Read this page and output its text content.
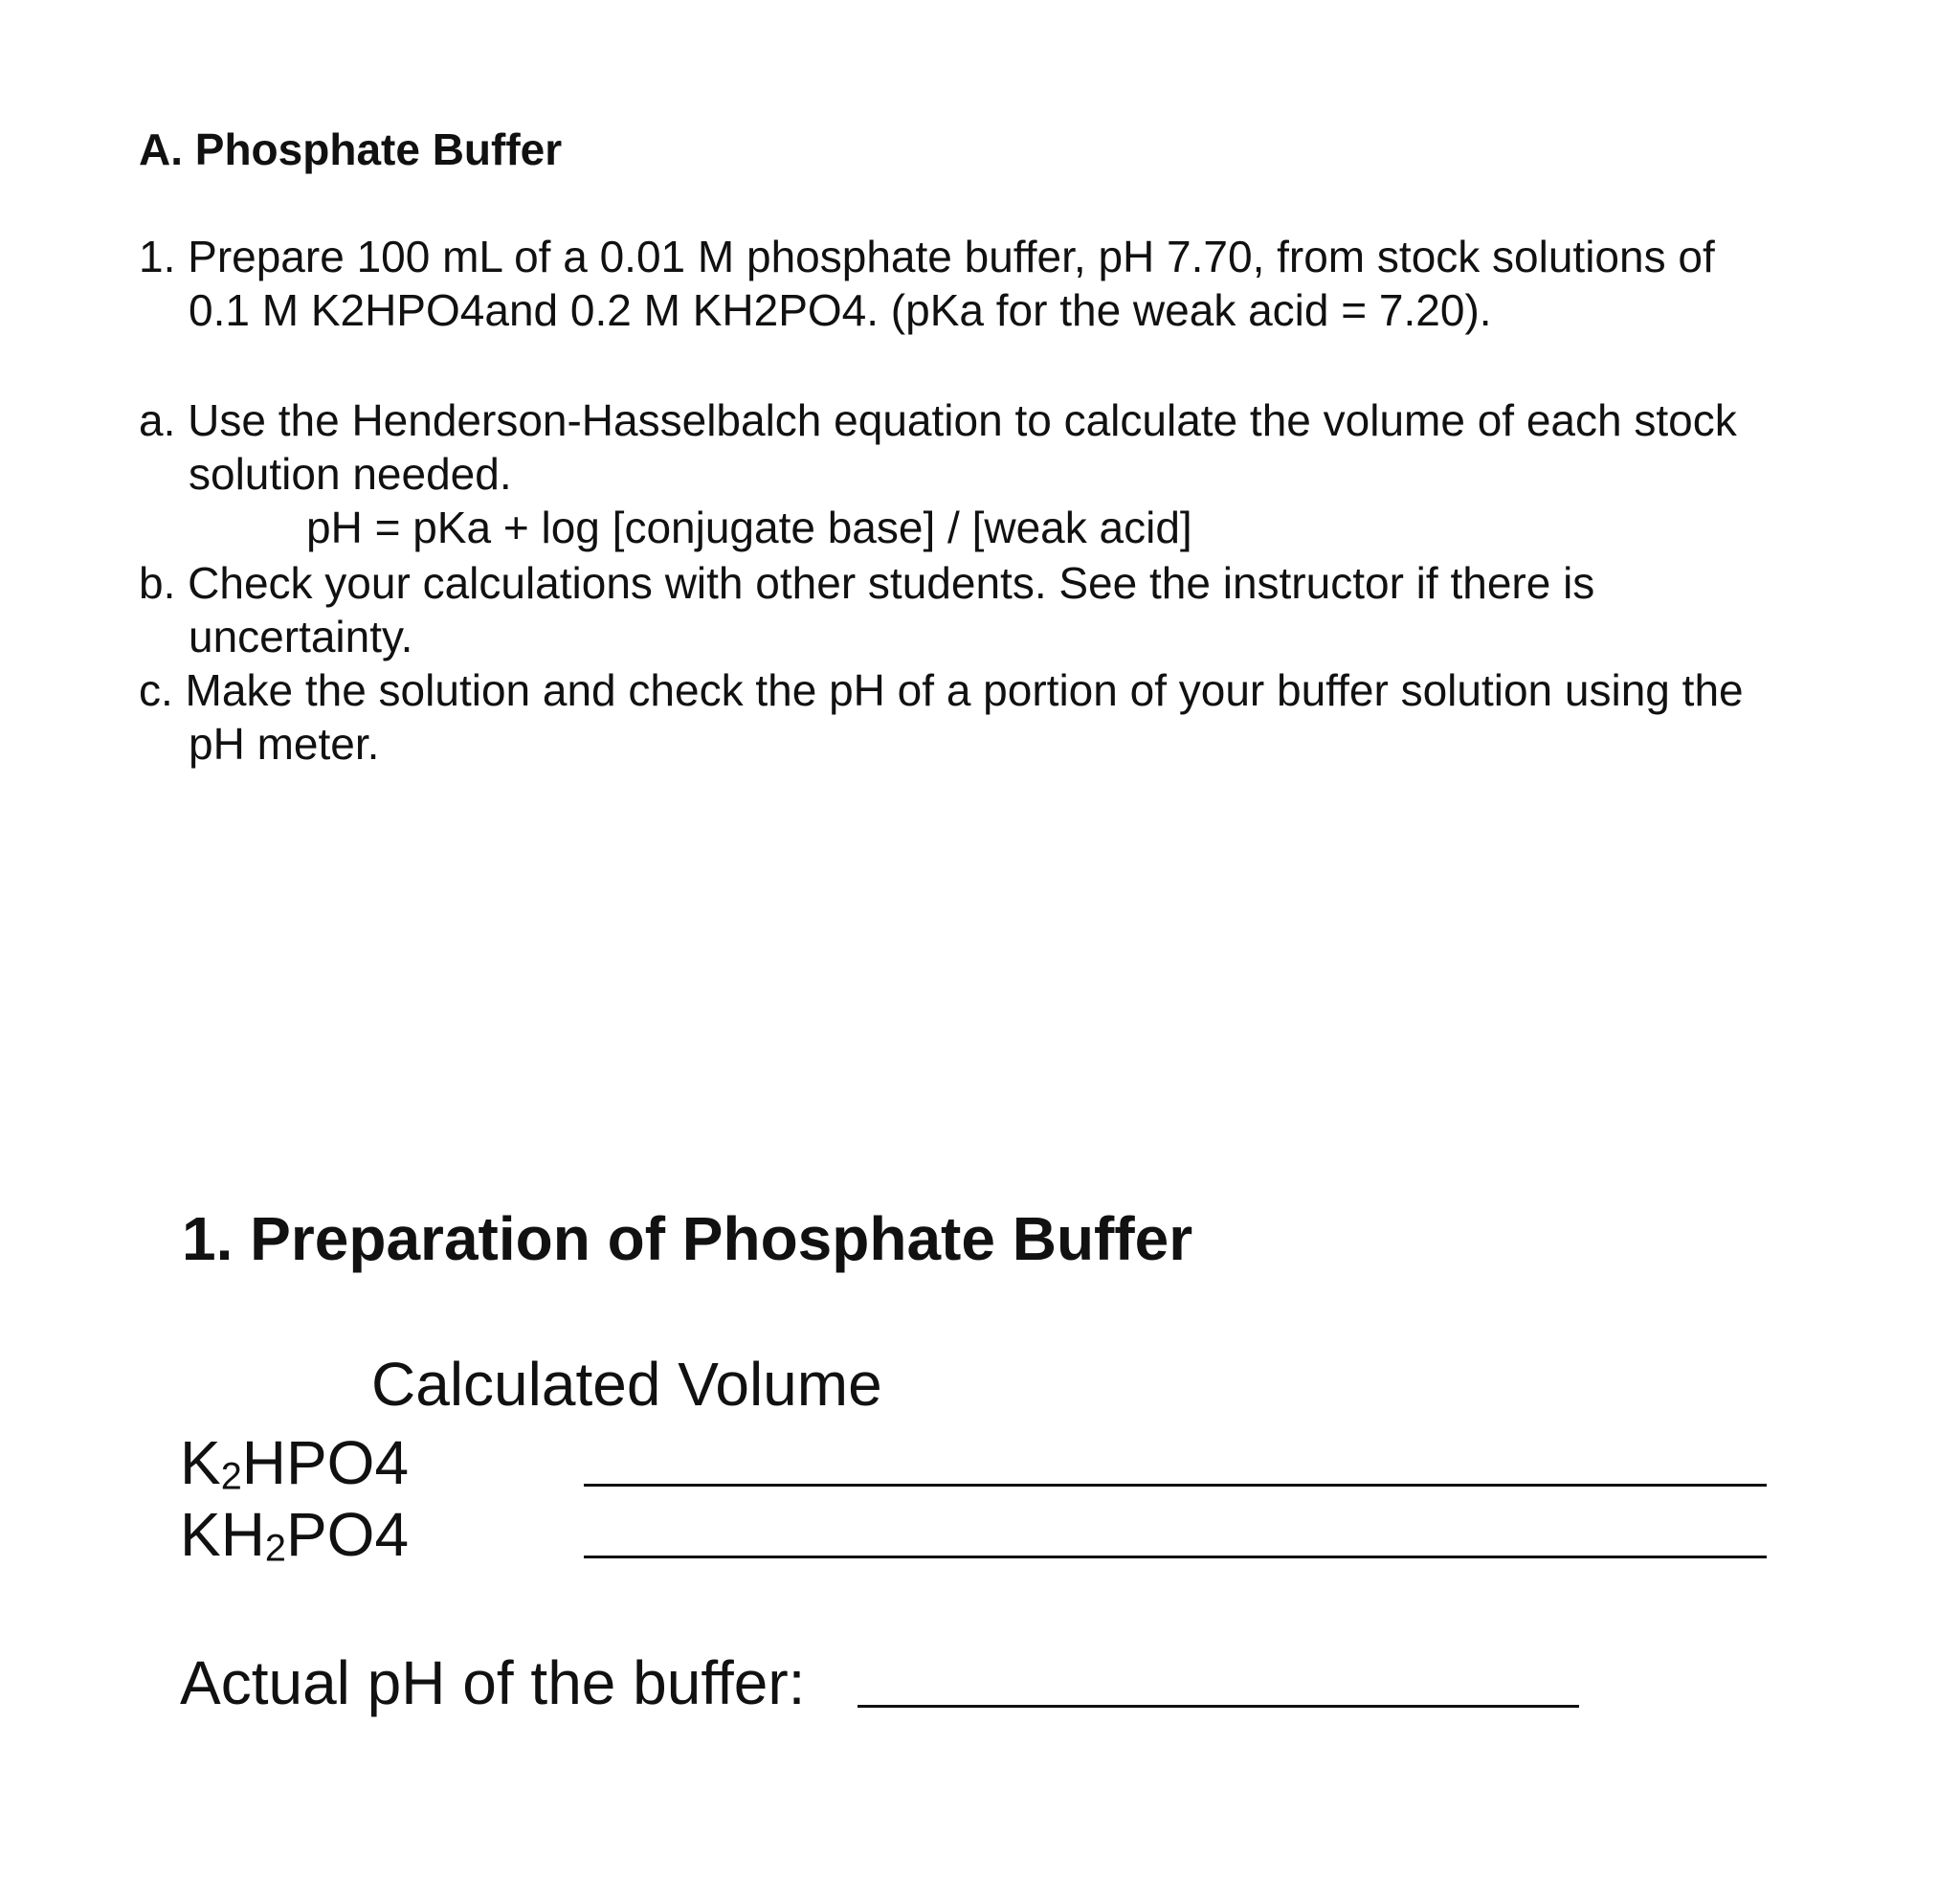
A. Phosphate Buffer
1. Prepare 100 mL of a 0.01 M phosphate buffer, pH 7.70, from stock solutions of
0.1 M K2HPO4and 0.2 M KH2PO4. (pKa for the weak acid = 7.20).
a. Use the Henderson-Hasselbalch equation to calculate the volume of each stock
solution needed.
pH = pKa + log [conjugate base] / [weak acid]
b. Check your calculations with other students. See the instructor if there is
uncertainty.
c. Make the solution and check the pH of a portion of your buffer solution using the
pH meter.
1. Preparation of Phosphate Buffer
Calculated Volume
K2HPO4
KH2PO4
Actual pH of the buffer:
